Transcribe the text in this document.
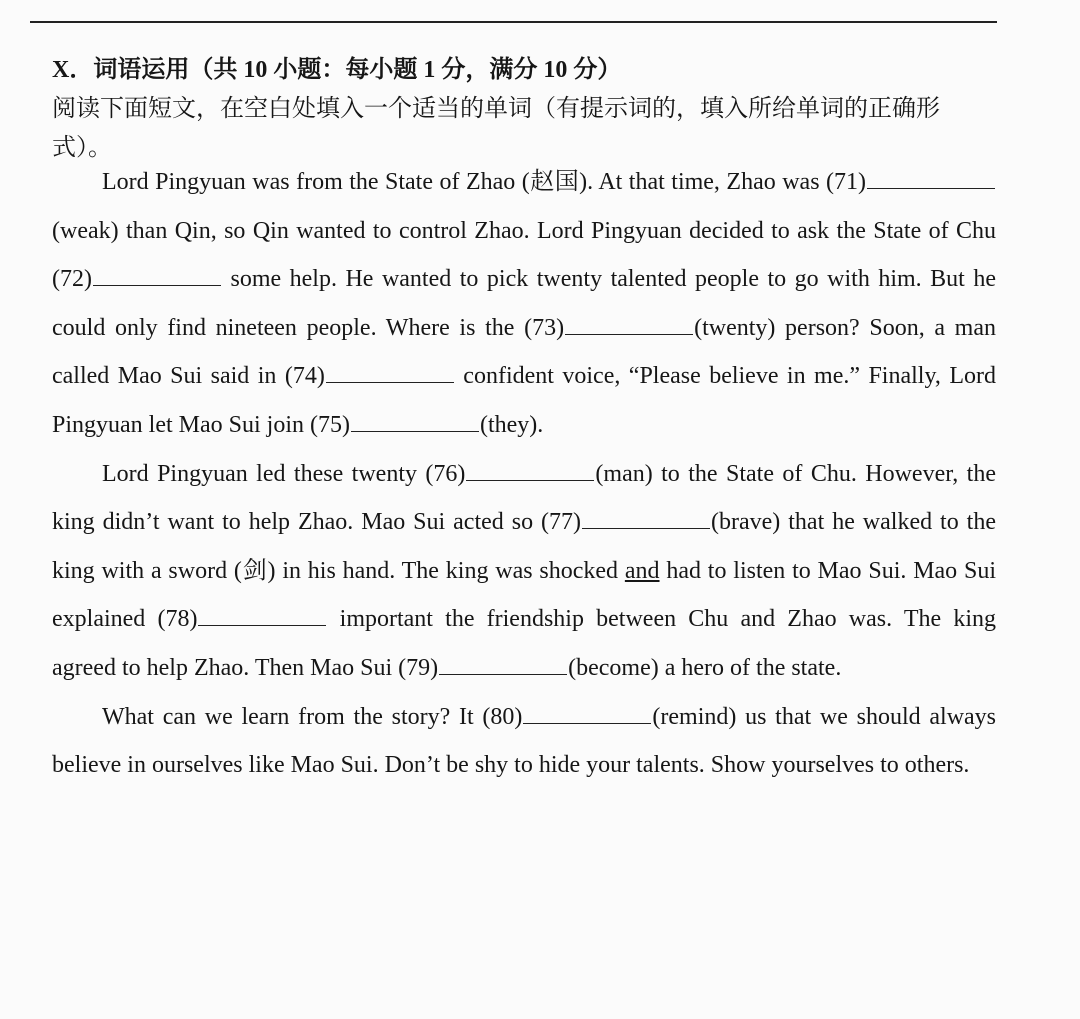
X．词语运用（共 10 小题：每小题 1 分，满分 10 分）
阅读下面短文，在空白处填入一个适当的单词（有提示词的，填入所给单词的正确形式）。

Lord Pingyuan was from the State of Zhao (赵国). At that time, Zhao was (71)(weak) than Qin, so Qin wanted to control Zhao. Lord Pingyuan decided to ask the State of Chu (72)	some help. He wanted to pick twenty talented people to go with him. But he could only find nineteen people. Where is the (73)	(twenty) person? Soon, a man called Mao Sui said in (74)	confident voice, “Please believe in me.” Finally, Lord Pingyuan let Mao Sui join (75)	(they).

Lord Pingyuan led these twenty (76)	(man) to the State of Chu. However, the king didn’t want to help Zhao. Mao Sui acted so (77)	(brave) that he walked to the king with a sword (剑) in his hand. The king was shocked and had to listen to Mao Sui. Mao Sui explained (78)	important the friendship between Chu and Zhao was. The king agreed to help Zhao. Then Mao Sui (79)	(become) a hero of the state.

What can we learn from the story? It (80)	(remind) us that we should always believe in ourselves like Mao Sui. Don’t be shy to hide your talents. Show yourselves to others.
